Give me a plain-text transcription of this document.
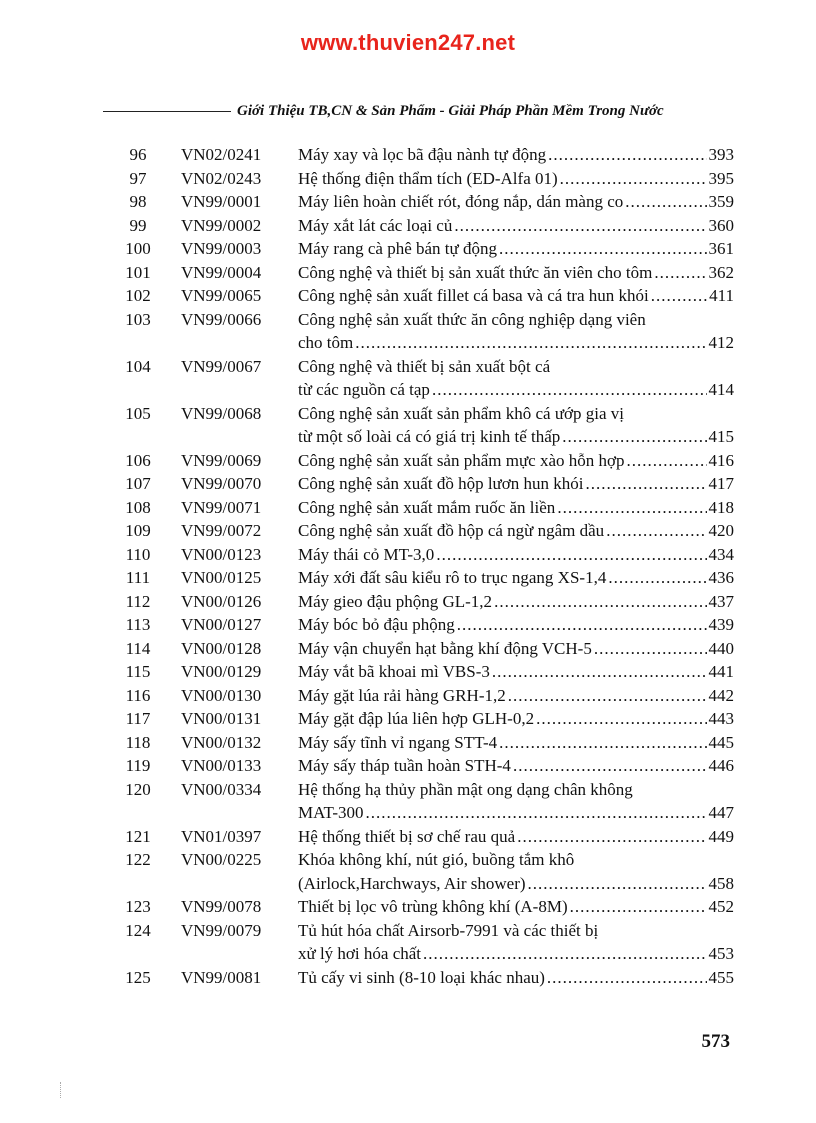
www.thuvien247.net
Giới Thiệu TB,CN & Sản Phẩm - Giải Pháp Phần Mềm Trong Nước
96	VN02/0241	Máy xay và lọc bã đậu nành tự động .....	393
97	VN02/0243	Hệ thống điện thẩm tích (ED-Alfa 01) .....	395
98	VN99/0001	Máy liên hoàn chiết rót, đóng nắp, dán màng co .....	359
99	VN99/0002	Máy xắt lát các loại củ .....	360
100	VN99/0003	Máy rang cà phê bán tự động .....	361
101	VN99/0004	Công nghệ và thiết bị sản xuất thức ăn viên cho tôm .....	362
102	VN99/0065	Công nghệ sản xuất fillet cá basa và cá tra hun khói .....	411
103	VN99/0066	Công nghệ sản xuất thức ăn công nghiệp dạng viên
cho tôm .....	412
104	VN99/0067	Công nghệ và thiết bị sản xuất bột cá
từ các nguồn cá tạp .....	414
105	VN99/0068	Công nghệ sản xuất sản phẩm khô cá ướp gia vị
từ một số loài cá có giá trị kinh tế thấp .....	415
106	VN99/0069	Công nghệ sản xuất sản phẩm mực xào hỗn hợp .....	416
107	VN99/0070	Công nghệ sản xuất đồ hộp lươn hun khói .....	417
108	VN99/0071	Công nghệ sản xuất mắm ruốc ăn liền .....	418
109	VN99/0072	Công nghệ sản xuất đồ hộp cá ngừ ngâm dầu .....	420
110	VN00/0123	Máy thái cỏ MT-3,0 .....	434
111	VN00/0125	Máy xới đất sâu kiểu rô to trục ngang XS-1,4 .....	436
112	VN00/0126	Máy gieo đậu phộng GL-1,2 .....	437
113	VN00/0127	Máy bóc bỏ đậu phộng .....	439
114	VN00/0128	Máy vận chuyển hạt bằng khí động VCH-5 .....	440
115	VN00/0129	Máy vắt bã khoai mì VBS-3 .....	441
116	VN00/0130	Máy gặt lúa rải hàng GRH-1,2 .....	442
117	VN00/0131	Máy gặt đập lúa liên hợp GLH-0,2 .....	443
118	VN00/0132	Máy sấy tĩnh vỉ ngang STT-4 .....	445
119	VN00/0133	Máy sấy tháp tuần hoàn STH-4 .....	446
120	VN00/0334	Hệ thống hạ thủy phần mật ong dạng chân không
MAT-300 .....	447
121	VN01/0397	Hệ thống thiết bị sơ chế rau quả .....	449
122	VN00/0225	Khóa không khí, nút gió, buồng tắm khô
(Airlock,Harchways, Air shower) .....	458
123	VN99/0078	Thiết bị lọc vô trùng không khí (A-8M) .....	452
124	VN99/0079	Tủ hút hóa chất Airsorb-7991 và các thiết bị
xử lý hơi hóa chất .....	453
125	VN99/0081	Tủ cấy vi sinh (8-10 loại khác nhau) .....	455
573
